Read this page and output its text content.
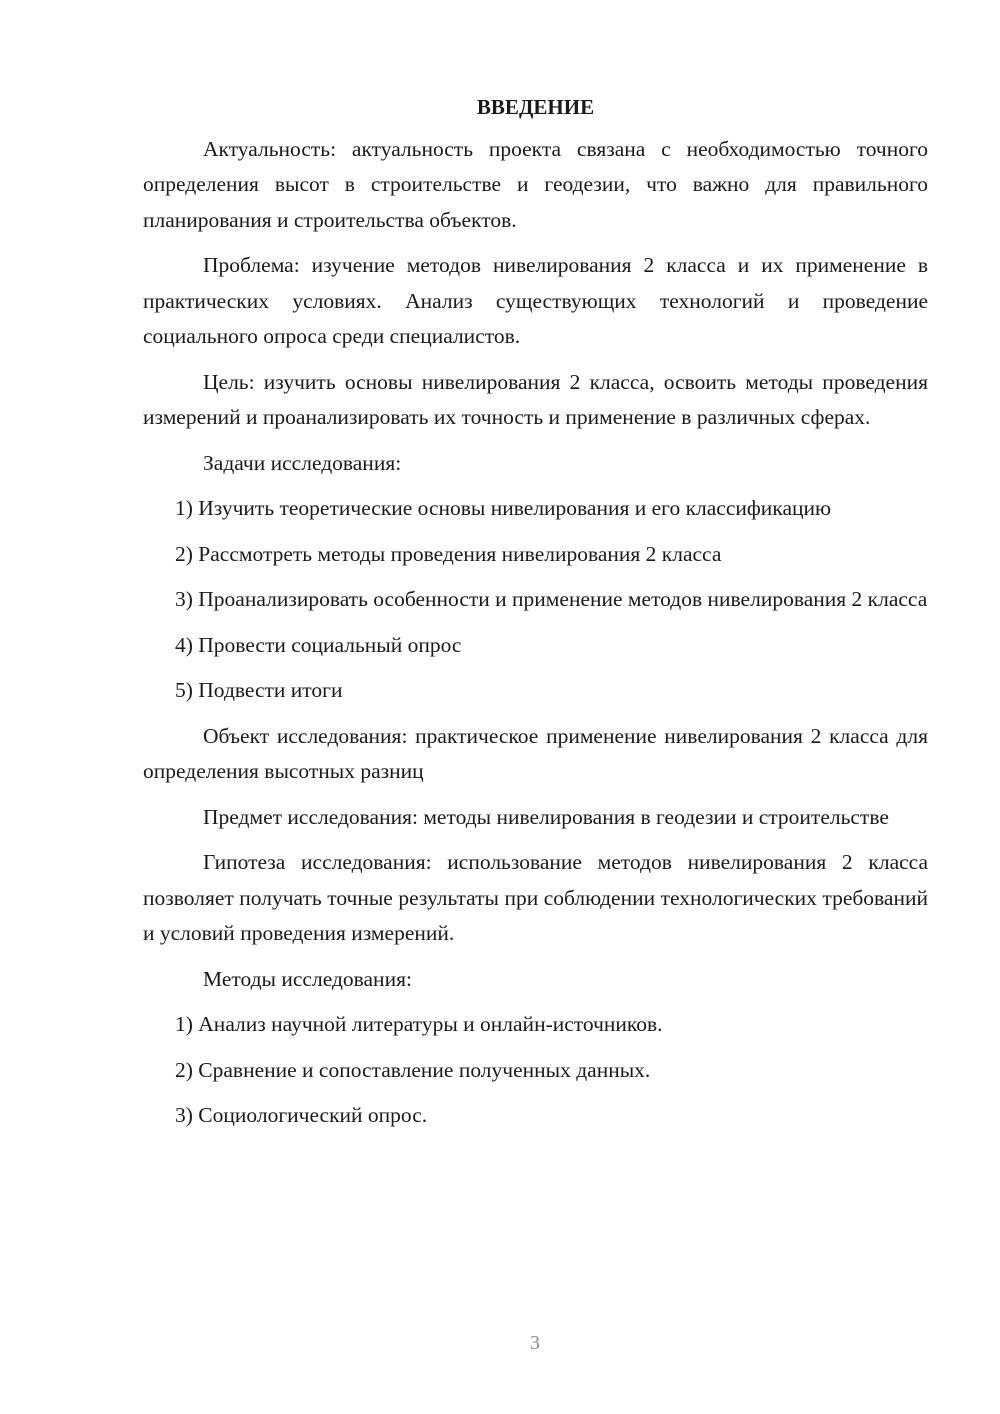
ВВЕДЕНИЕ

Актуальность: актуальность проекта связана с необходимостью точного определения высот в строительстве и геодезии, что важно для правильного планирования и строительства объектов.

Проблема: изучение методов нивелирования 2 класса и их применение в практических условиях. Анализ существующих технологий и проведение социального опроса среди специалистов.

Цель: изучить основы нивелирования 2 класса, освоить методы проведения измерений и проанализировать их точность и применение в различных сферах.

Задачи исследования:

1) Изучить теоретические основы нивелирования и его классификацию

2) Рассмотреть методы проведения нивелирования 2 класса

3) Проанализировать особенности и применение методов нивелирования 2 класса

4) Провести социальный опрос

5) Подвести итоги

Объект исследования: практическое применение нивелирования 2 класса для определения высотных разниц

Предмет исследования: методы нивелирования в геодезии и строительстве

Гипотеза исследования: использование методов нивелирования 2 класса позволяет получать точные результаты при соблюдении технологических требований и условий проведения измерений.

Методы исследования:

1) Анализ научной литературы и онлайн-источников.

2) Сравнение и сопоставление полученных данных.

3) Социологический опрос.

3
